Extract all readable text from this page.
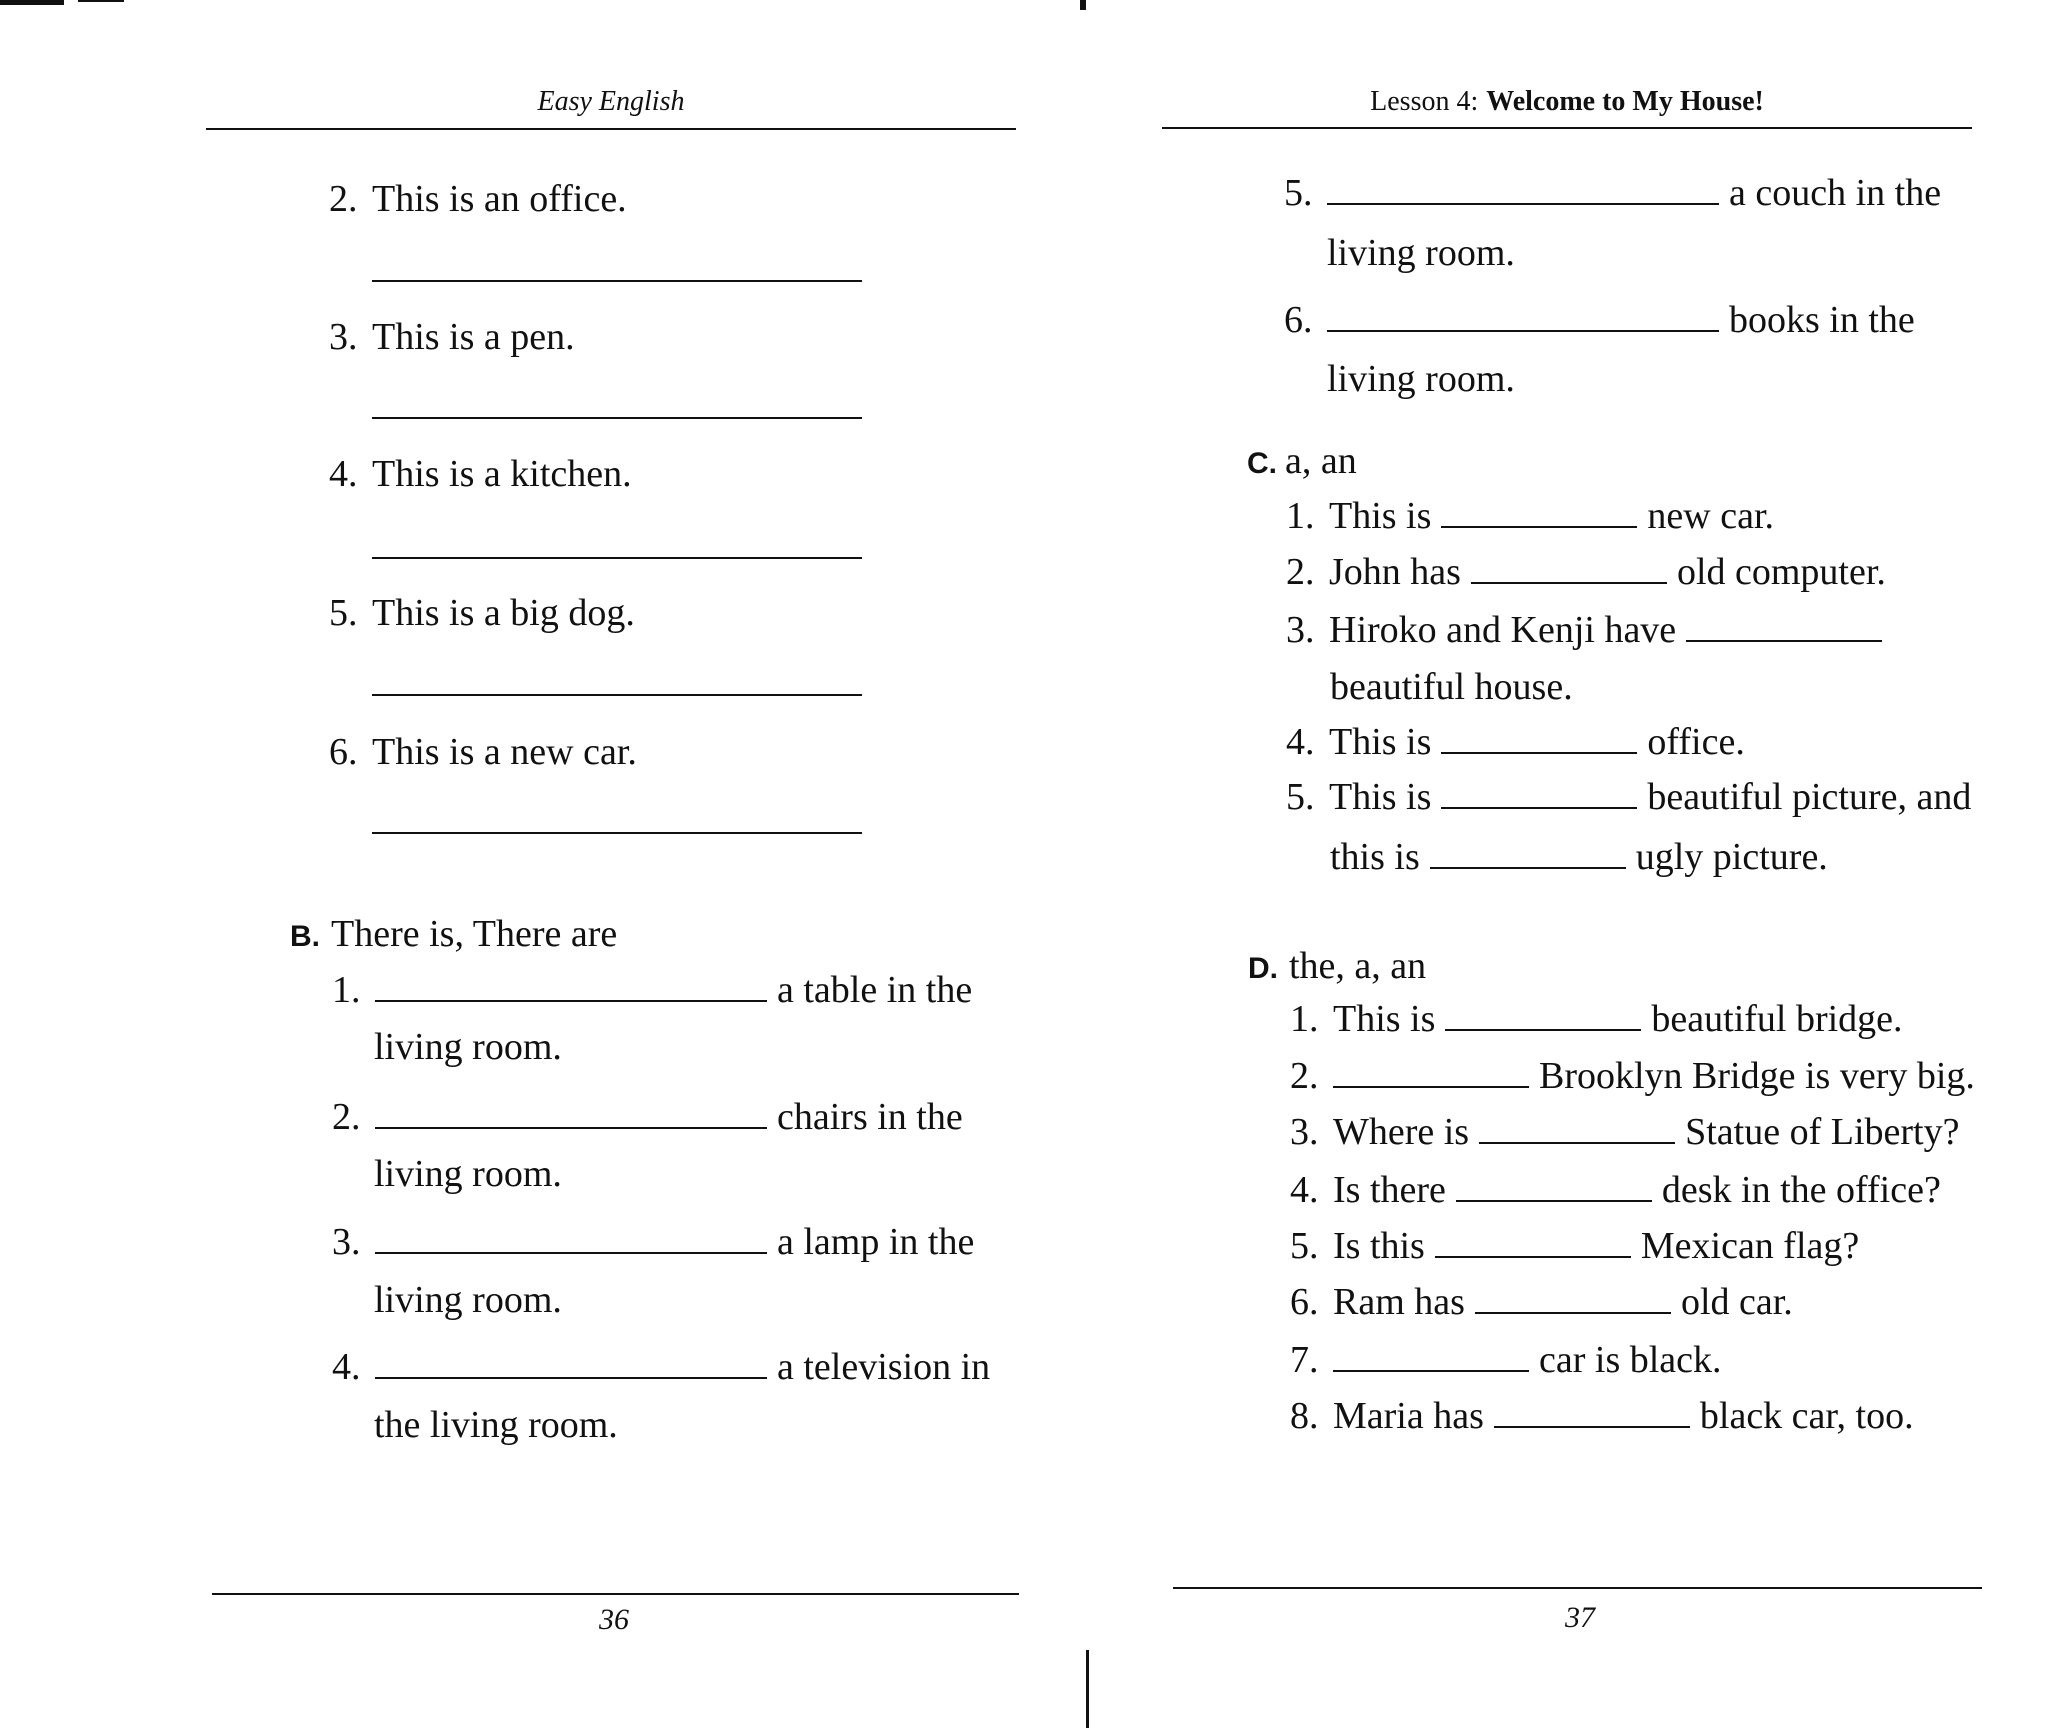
Easy English
2. This is an office.
3. This is a pen.
4. This is a kitchen.
5. This is a big dog.
6. This is a new car.
B. There is, There are
1.	a table in the
living room.
2.	chairs in the
living room.
3.	a lamp in the
living room.
4.	a television in
the living room.
36
Lesson 4: Welcome to My House!
5.	a couch in the
living room.
6.	books in the
living room.
C. a, an
1. This is	new car.
2. John has	old computer.
3. Hiroko and Kenji have
beautiful house.
4. This is	office.
5. This is	beautiful picture, and
this is	ugly picture.
D. the, a, an
1. This is	beautiful bridge.
2.	Brooklyn Bridge is very big.
3. Where is	Statue of Liberty?
4. Is there	desk in the office?
5. Is this	Mexican flag?
6. Ram has	old car.
7.	car is black.
8. Maria has	black car, too.
37
